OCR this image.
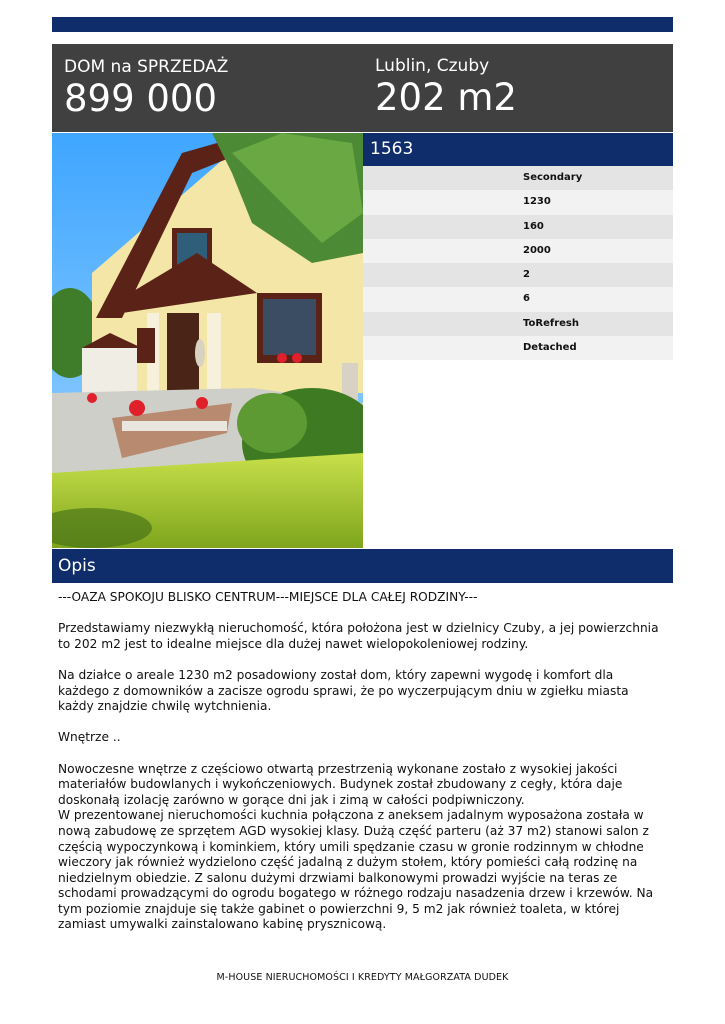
DOM na SPRZEDAŻ
899 000
Lublin, Czuby
202 m2
1563
Secondary
1230
160
2000
2
6
ToRefresh
Detached
Opis

---OAZA SPOKOJU BLISKO CENTRUM---MIEJSCE DLA CAŁEJ RODZINY---

Przedstawiamy niezwykłą nieruchomość, która położona jest w dzielnicy Czuby, a jej powierzchnia to 202 m2 jest to idealne miejsce dla dużej nawet wielopokoleniowej rodziny.

Na działce o areale 1230 m2 posadowiony został dom, który zapewni wygodę i komfort dla każdego z domowników a zacisze ogrodu sprawi, że po wyczerpującym dniu w zgiełku miasta każdy znajdzie chwilę wytchnienia.

Wnętrze ..

Nowoczesne wnętrze z częściowo otwartą przestrzenią wykonane zostało z wysokiej jakości materiałów budowlanych i wykończeniowych. Budynek został zbudowany z cegły, która daje doskonałą izolację zarówno w gorące dni jak i zimą w całości podpiwniczony.
W prezentowanej nieruchomości kuchnia połączona z aneksem jadalnym wyposażona została w nową zabudowę ze sprzętem AGD wysokiej klasy. Dużą część parteru (aż 37 m2) stanowi salon z częścią wypoczynkową i kominkiem, który umili spędzanie czasu w gronie rodzinnym w chłodne wieczory jak również wydzielono część jadalną z dużym stołem, który pomieści całą rodzinę na niedzielnym obiedzie. Z salonu dużymi drzwiami balkonowymi prowadzi wyjście na teras ze schodami prowadzącymi do ogrodu bogatego w różnego rodzaju nasadzenia drzew i krzewów. Na tym poziomie znajduje się także gabinet o powierzchni 9, 5 m2 jak również toaleta, w której zamiast umywalki zainstalowano kabinę prysznicową.

M-HOUSE NIERUCHOMOŚCI I KREDYTY MAŁGORZATA DUDEK
